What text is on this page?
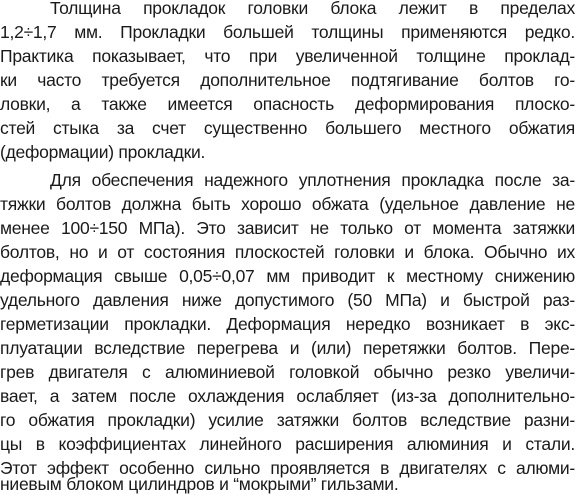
Толщина прокладок головки блока лежит в пределах
1,2÷1,7 мм. Прокладки большей толщины применяются редко.
Практика показывает, что при увеличенной толщине проклад-
ки часто требуется дополнительное подтягивание болтов го-
ловки, а также имеется опасность деформирования плоско-
стей стыка за счет существенно большего местного обжатия
(деформации) прокладки.
Для обеспечения надежного уплотнения прокладка после за-
тяжки болтов должна быть хорошо обжата (удельное давление не
менее 100÷150 МПа). Это зависит не только от момента затяжки
болтов, но и от состояния плоскостей головки и блока. Обычно их
деформация свыше 0,05÷0,07 мм приводит к местному снижению
удельного давления ниже допустимого (50 МПа) и быстрой раз-
герметизации прокладки. Деформация нередко возникает в экс-
плуатации вследствие перегрева и (или) перетяжки болтов. Пере-
грев двигателя с алюминиевой головкой обычно резко увеличи-
вает, а затем после охлаждения ослабляет (из-за дополнительно-
го обжатия прокладки) усилие затяжки болтов вследствие разни-
цы в коэффициентах линейного расширения алюминия и стали.
Этот эффект особенно сильно проявляется в двигателях с алюми-
ниевым блоком цилиндров и “мокрыми” гильзами.
